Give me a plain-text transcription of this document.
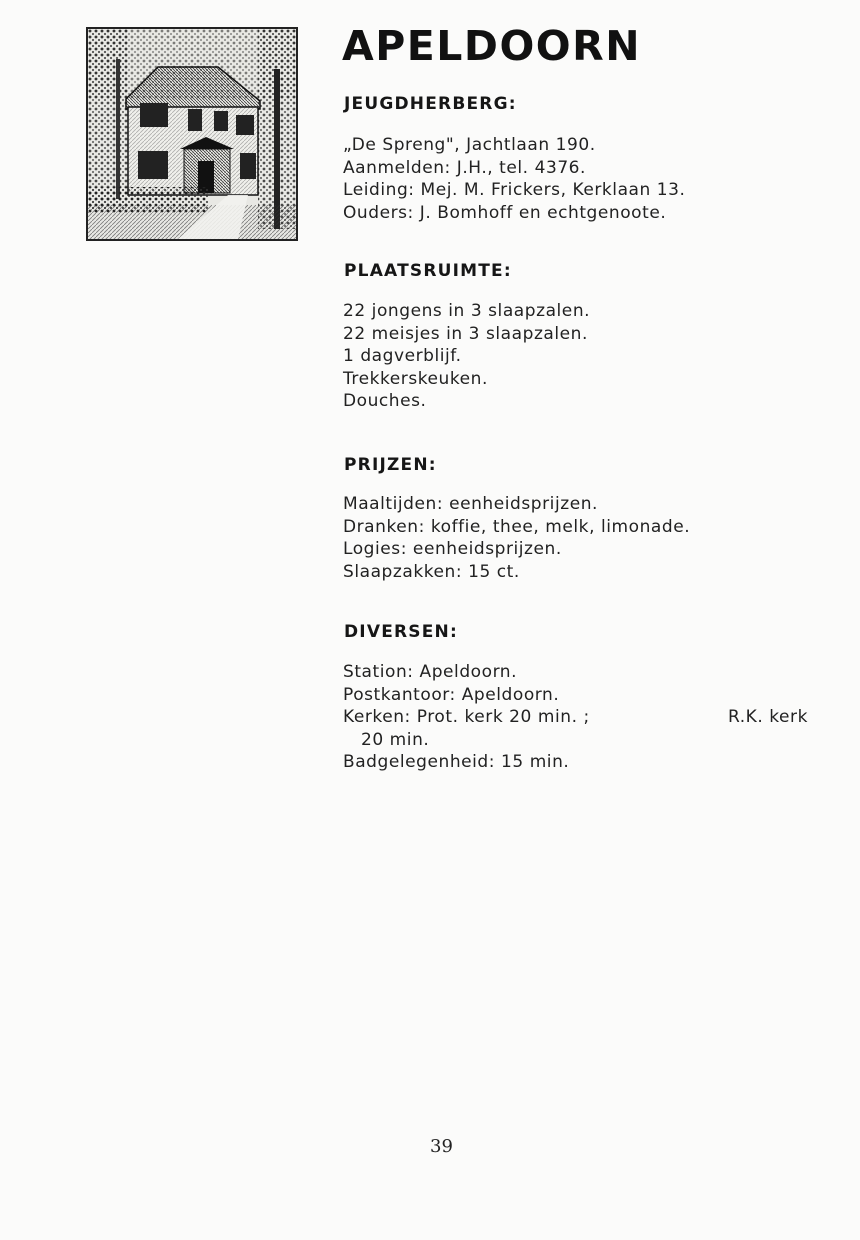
APELDOORN
JEUGDHERBERG:
„De Spreng", Jachtlaan 190.
Aanmelden: J.H., tel. 4376.
Leiding: Mej. M. Frickers, Kerklaan 13.
Ouders: J. Bomhoff en echtgenoote.
PLAATSRUIMTE:
22 jongens in 3 slaapzalen.
22 meisjes in 3 slaapzalen.
1 dagverblijf.
Trekkerskeuken.
Douches.
PRIJZEN:
Maaltijden: eenheidsprijzen.
Dranken: koffie, thee, melk, limonade.
Logies: eenheidsprijzen.
Slaapzakken: 15 ct.
DIVERSEN:
Station: Apeldoorn.
Postkantoor: Apeldoorn.
Kerken: Prot. kerk 20 min. ;	R.K. kerk
20 min.
Badgelegenheid: 15 min.
39
